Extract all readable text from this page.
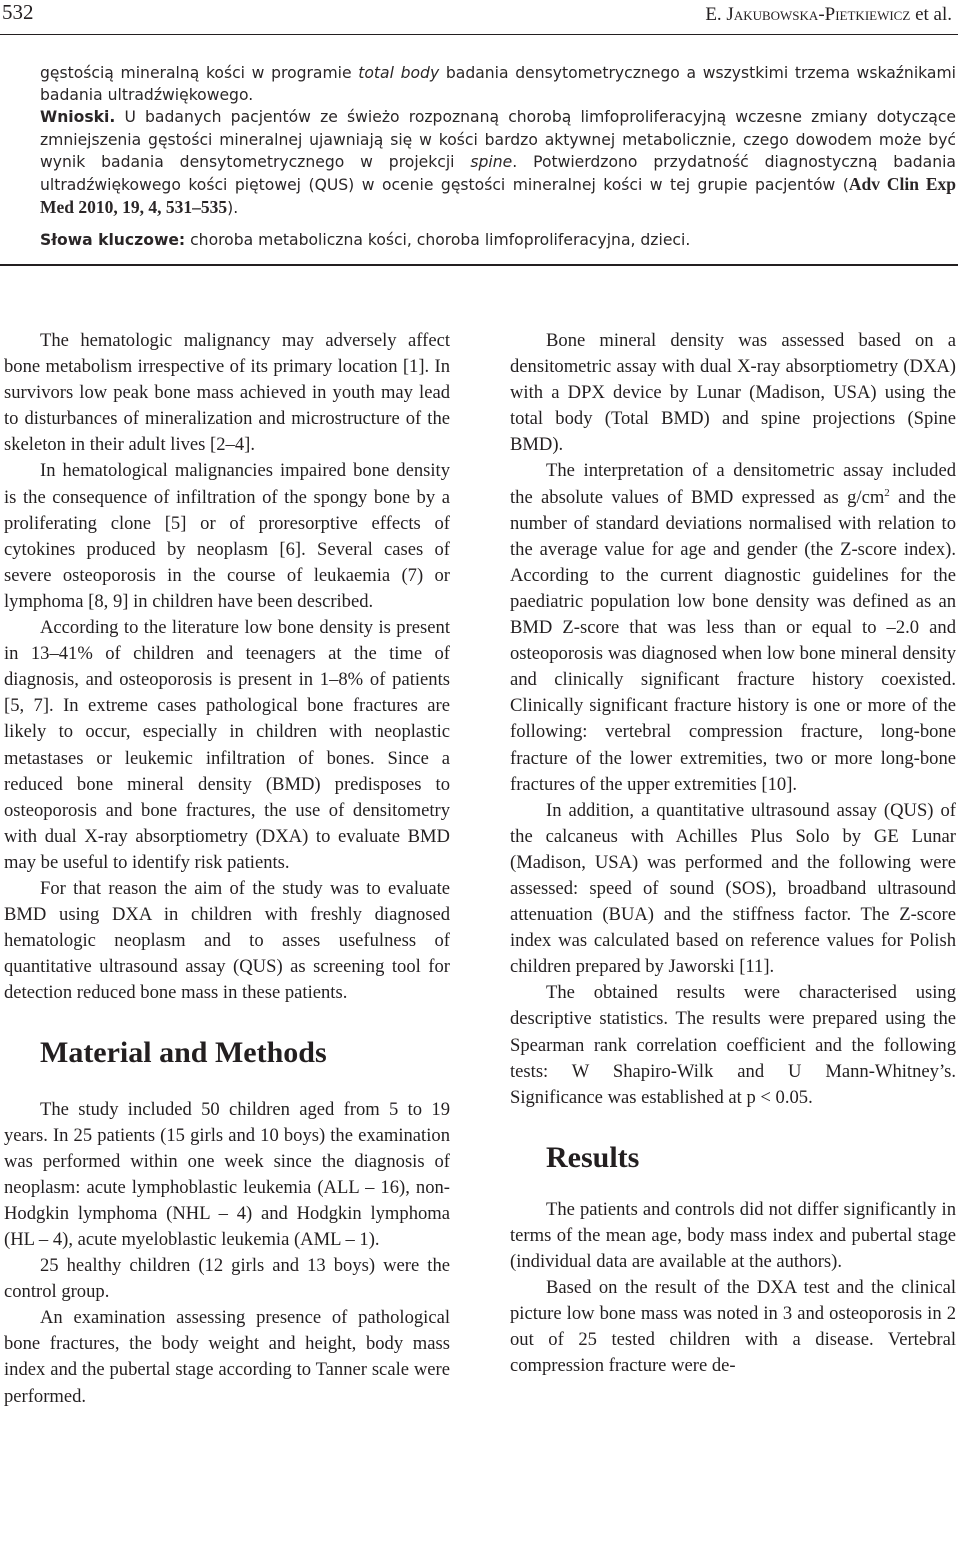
532	E. Jakubowska-Pietkiewicz et al.

gęstością mineralną kości w programie total body badania densytometrycznego a wszystkimi trzema wskaźnikami badania ultradźwiękowego.

Wnioski. U badanych pacjentów ze świeżo rozpoznaną chorobą limfoproliferacyjną wczesne zmiany dotyczące zmniejszenia gęstości mineralnej ujawniają się w kości bardzo aktywnej metabolicznie, czego dowodem może być wynik badania densytometrycznego w projekcji spine. Potwierdzono przydatność diagnostyczną badania ultradźwiękowego kości piętowej (QUS) w ocenie gęstości mineralnej kości w tej grupie pacjentów (Adv Clin Exp Med 2010, 19, 4, 531–535).

Słowa kluczowe: choroba metaboliczna kości, choroba limfoproliferacyjna, dzieci.

The hematologic malignancy may adversely affect bone metabolism irrespective of its primary location [1]. In survivors low peak bone mass achieved in youth may lead to disturbances of mineralization and microstructure of the skeleton in their adult lives [2–4].

In hematological malignancies impaired bone density is the consequence of infiltration of the spongy bone by a proliferating clone [5] or of proresorptive effects of cytokines produced by neoplasm [6]. Several cases of severe osteoporosis in the course of leukaemia (7) or lymphoma [8, 9] in children have been described.

According to the literature low bone density is present in 13–41% of children and teenagers at the time of diagnosis, and osteoporosis is present in 1–8% of patients [5, 7]. In extreme cases pathological bone fractures are likely to occur, especially in children with neoplastic metastases or leukemic infiltration of bones. Since a reduced bone mineral density (BMD) predisposes to osteoporosis and bone fractures, the use of densitometry with dual X-ray absorptiometry (DXA) to evaluate BMD may be useful to identify risk patients.

For that reason the aim of the study was to evaluate BMD using DXA in children with freshly diagnosed hematologic neoplasm and to asses usefulness of quantitative ultrasound assay (QUS) as screening tool for detection reduced bone mass in these patients.

Material and Methods

The study included 50 children aged from 5 to 19 years. In 25 patients (15 girls and 10 boys) the examination was performed within one week since the diagnosis of neoplasm: acute lymphoblastic leukemia (ALL – 16), non-Hodgkin lymphoma (NHL – 4) and Hodgkin lymphoma (HL – 4), acute myeloblastic leukemia (AML – 1).

25 healthy children (12 girls and 13 boys) were the control group.

An examination assessing presence of pathological bone fractures, the body weight and height, body mass index and the pubertal stage according to Tanner scale were performed.

Bone mineral density was assessed based on a densitometric assay with dual X-ray absorptiometry (DXA) with a DPX device by Lunar (Madison, USA) using the total body (Total BMD) and spine projections (Spine BMD).

The interpretation of a densitometric assay included the absolute values of BMD expressed as $g/cm^2$ and the number of standard deviations normalised with relation to the average value for age and gender (the Z-score index). According to the current diagnostic guidelines for the paediatric population low bone density was defined as an BMD Z-score that was less than or equal to –2.0 and osteoporosis was diagnosed when low bone mineral density and clinically significant fracture history coexisted. Clinically significant fracture history is one or more of the following: vertebral compression fracture, long-bone fracture of the lower extremities, two or more long-bone fractures of the upper extremities [10].

In addition, a quantitative ultrasound assay (QUS) of the calcaneus with Achilles Plus Solo by GE Lunar (Madison, USA) was performed and the following were assessed: speed of sound (SOS), broadband ultrasound attenuation (BUA) and the stiffness factor. The Z-score index was calculated based on reference values for Polish children prepared by Jaworski [11].

The obtained results were characterised using descriptive statistics. The results were prepared using the Spearman rank correlation coefficient and the following tests: W Shapiro-Wilk and U Mann-Whitney’s. Significance was established at p < 0.05.

Results

The patients and controls did not differ significantly in terms of the mean age, body mass index and pubertal stage (individual data are available at the authors).

Based on the result of the DXA test and the clinical picture low bone mass was noted in 3 and osteoporosis in 2 out of 25 tested children with a disease. Vertebral compression fracture were de-
